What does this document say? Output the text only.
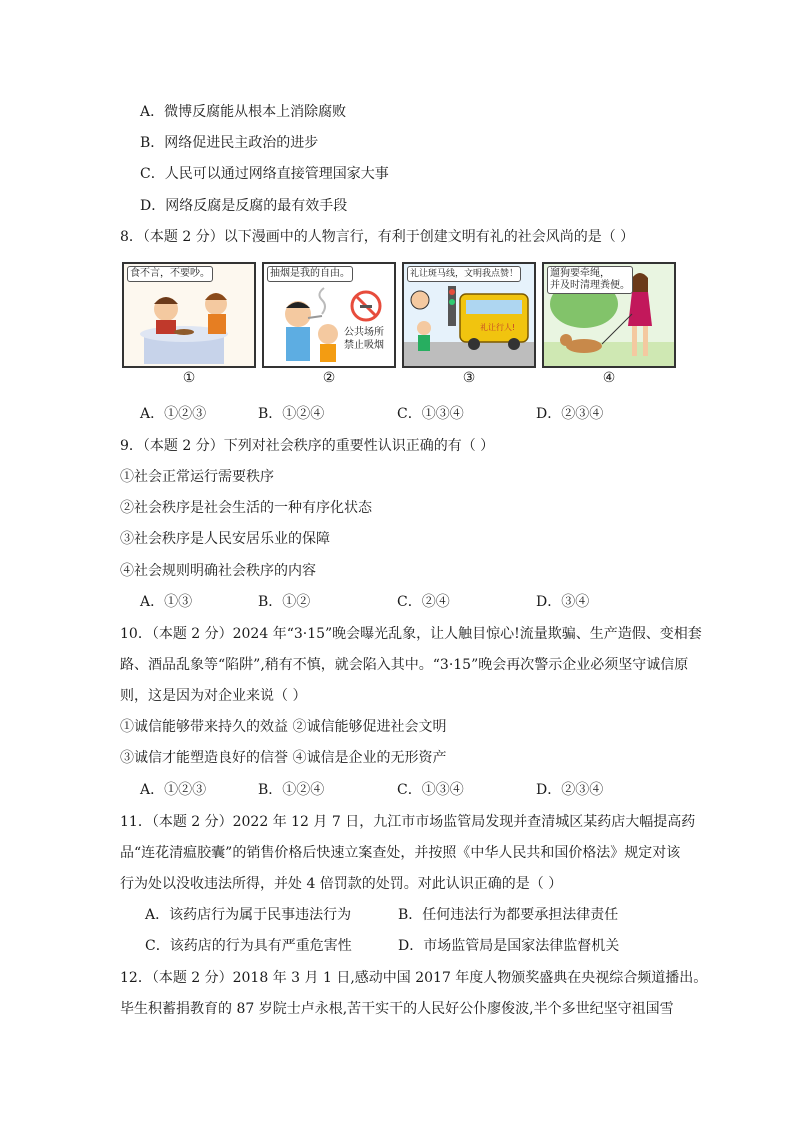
A．微博反腐能从根本上消除腐败
B．网络促进民主政治的进步
C．人民可以通过网络直接管理国家大事
D．网络反腐是反腐的最有效手段
8．（本题 2 分）以下漫画中的人物言行，有利于创建文明有礼的社会风尚的是（ ）
食不言，不要吵。	抽烟是我的自由。
公共场所
禁止吸烟
礼让斑马线，文明我点赞！
礼让行人!
遛狗要牵绳，
并及时清理粪便。
①	②	③	④
A．①②③	B．①②④	C．①③④	D．②③④
9．（本题 2 分）下列对社会秩序的重要性认识正确的有（ ）
①社会正常运行需要秩序
②社会秩序是社会生活的一种有序化状态
③社会秩序是人民安居乐业的保障
④社会规则明确社会秩序的内容
A．①③	B．①②	C．②④	D．③④
10．（本题 2 分）2024 年“3·15”晚会曝光乱象，让人触目惊心!流量欺骗、生产造假、变相套
路、酒品乱象等“陷阱”,稍有不慎，就会陷入其中。“3·15”晚会再次警示企业必须坚守诚信原
则，这是因为对企业来说（ ）
①诚信能够带来持久的效益 ②诚信能够促进社会文明
③诚信才能塑造良好的信誉 ④诚信是企业的无形资产
A．①②③	B．①②④	C．①③④	D．②③④
11．（本题 2 分）2022 年 12 月 7 日，九江市市场监管局发现并查清城区某药店大幅提高药
品“连花清瘟胶囊”的销售价格后快速立案查处，并按照《中华人民共和国价格法》规定对该
行为处以没收违法所得，并处 4 倍罚款的处罚。对此认识正确的是（ ）
A．该药店行为属于民事违法行为	B．任何违法行为都要承担法律责任
C．该药店的行为具有严重危害性	D．市场监管局是国家法律监督机关
12．（本题 2 分）2018 年 3 月 1 日,感动中国 2017 年度人物颁奖盛典在央视综合频道播出。
毕生积蓄捐教育的 87 岁院士卢永根,苦干实干的人民好公仆廖俊波,半个多世纪坚守祖国雪
